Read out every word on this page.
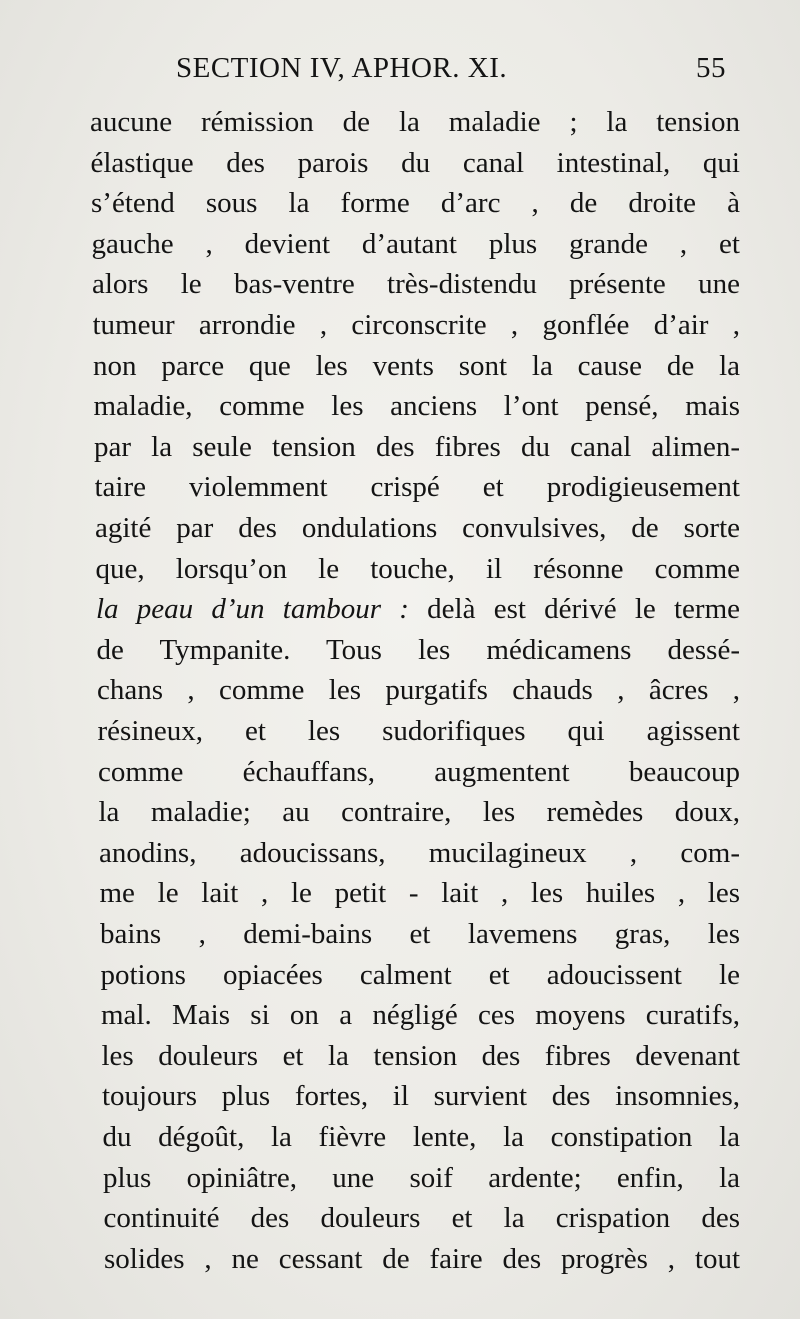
SECTION IV, APHOR. XI.	55
aucune rémission de la maladie ; la tension
élastique des parois du canal intestinal, qui
s’étend sous la forme d’arc , de droite à
gauche , devient d’autant plus grande , et
alors le bas-ventre très-distendu présente une
tumeur arrondie , circonscrite , gonflée d’air ,
non parce que les vents sont la cause de la
maladie, comme les anciens l’ont pensé, mais
par la seule tension des fibres du canal alimen-
taire violemment crispé et prodigieusement
agité par des ondulations convulsives, de sorte
que, lorsqu’on le touche, il résonne comme
la peau d’un tambour : delà est dérivé le terme
de Tympanite. Tous les médicamens dessé-
chans , comme les purgatifs chauds , âcres ,
résineux, et les sudorifiques qui agissent
comme échauffans, augmentent beaucoup
la maladie; au contraire, les remèdes doux,
anodins, adoucissans, mucilagineux , com-
me le lait , le petit - lait , les huiles , les
bains , demi-bains et lavemens gras, les
potions opiacées calment et adoucissent le
mal. Mais si on a négligé ces moyens curatifs,
les douleurs et la tension des fibres devenant
toujours plus fortes, il survient des insomnies,
du dégoût, la fièvre lente, la constipation la
plus opiniâtre, une soif ardente; enfin, la
continuité des douleurs et la crispation des
solides , ne cessant de faire des progrès , tout
